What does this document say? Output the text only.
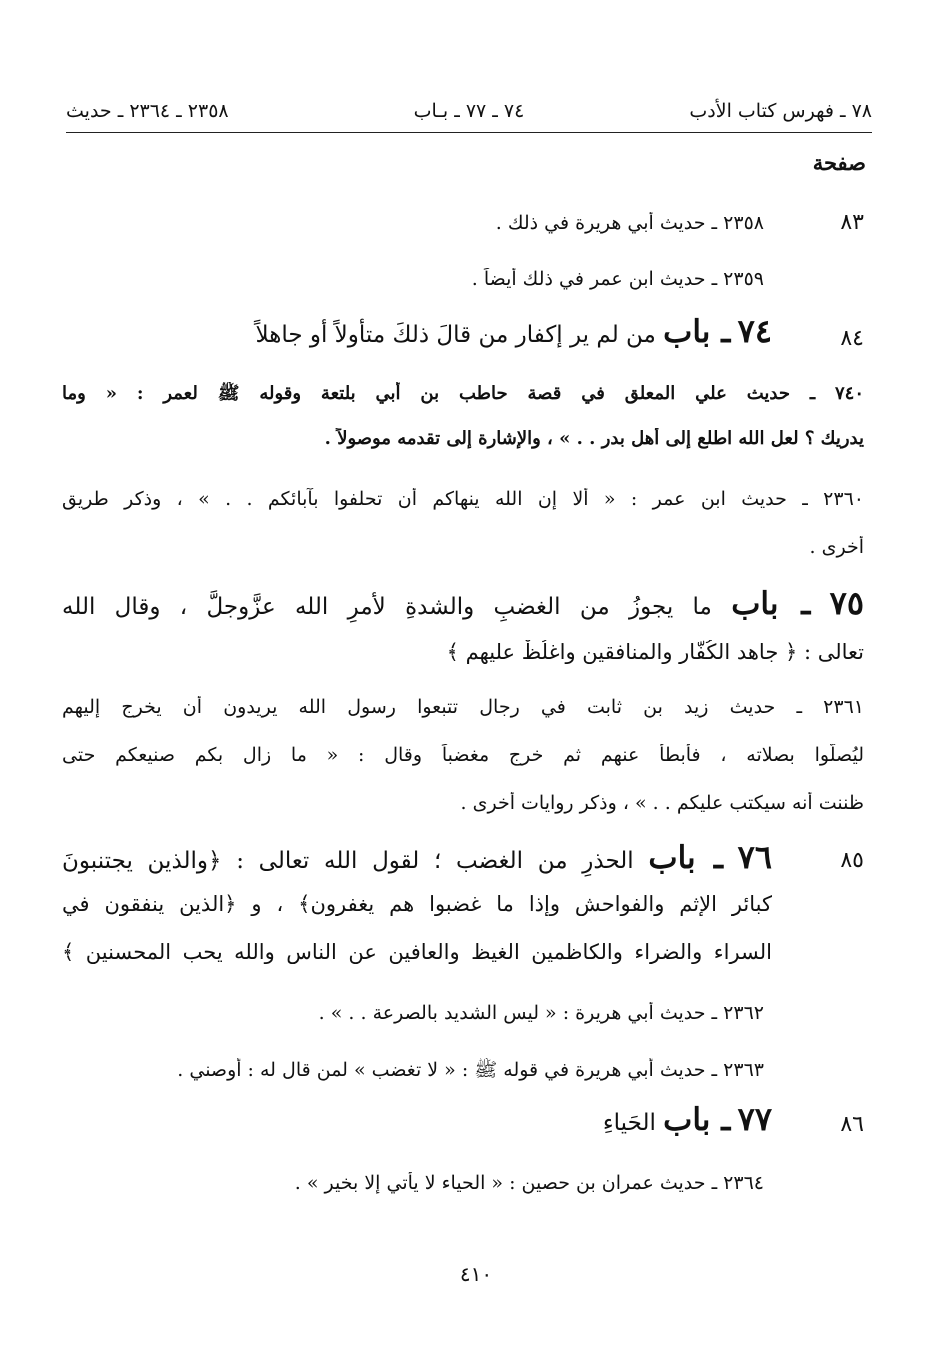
٧٨ ـ فهرس كتاب الأدب
٧٤ ـ ٧٧ ـ بـاب
٢٣٥٨ ـ ٢٣٦٤ ـ حديث
صفحة
٨٣
٢٣٥٨ ـ حديث أبي هريرة في ذلك .
٢٣٥٩ ـ حديث ابن عمر في ذلك أيضاً .
٨٤
٧٤ ـ باب من لم ير إكفار من قالَ ذلكَ متأولاً أو جاهلاً
٧٤٠ ـ حديث علي المعلق في قصة حاطب بن أبي بلتعة وقوله ﷺ لعمر : « وما
يدريك ؟ لعل الله اطلع إلى أهل بدر . . » ، والإشارة إلى تقدمه موصولاً .
٢٣٦٠ ـ حديث ابن عمر : « ألا إن الله ينهاكم أن تحلفوا بآبائكم . . » ، وذكر طريق
أخرى .
٧٥ ـ باب ما يجوزُ من الغضبِ والشدةِ لأمرِ الله عزَّوجلَّ ، وقال الله
تعالى : ﴿ جاهد الكُفّار والمنافقين واغلُظْ عليهم ﴾
٢٣٦١ ـ حديث زيد بن ثابت في رجال تتبعوا رسول الله يريدون أن يخرج إليهم
ليُصلّوا بصلاته ، فأبطأ عنهم ثم خرج مغضباً وقال : « ما زال بكم صنيعكم حتى
ظننت أنه سيكتب عليكم . . » ، وذكر روايات أخرى .
٨٥
٧٦ ـ باب الحذرِ من الغضب ؛ لقول الله تعالى : ﴿والذين يجتنبونَ
كبائر الإثم والفواحش وإذا ما غضبوا هم يغفرون﴾ ، و ﴿الذين ينفقون في
السراء والضراء والكاظمين الغيظ والعافين عن الناس والله يحب المحسنين ﴾
٢٣٦٢ ـ حديث أبي هريرة : « ليس الشديد بالصرعة . . » .
٢٣٦٣ ـ حديث أبي هريرة في قوله ﷺ : « لا تغضب » لمن قال له : أوصني .
٨٦
٧٧ ـ باب الحَياءِ
٢٣٦٤ ـ حديث عمران بن حصين : « الحياء لا يأتي إلا بخير » .
٤١٠
